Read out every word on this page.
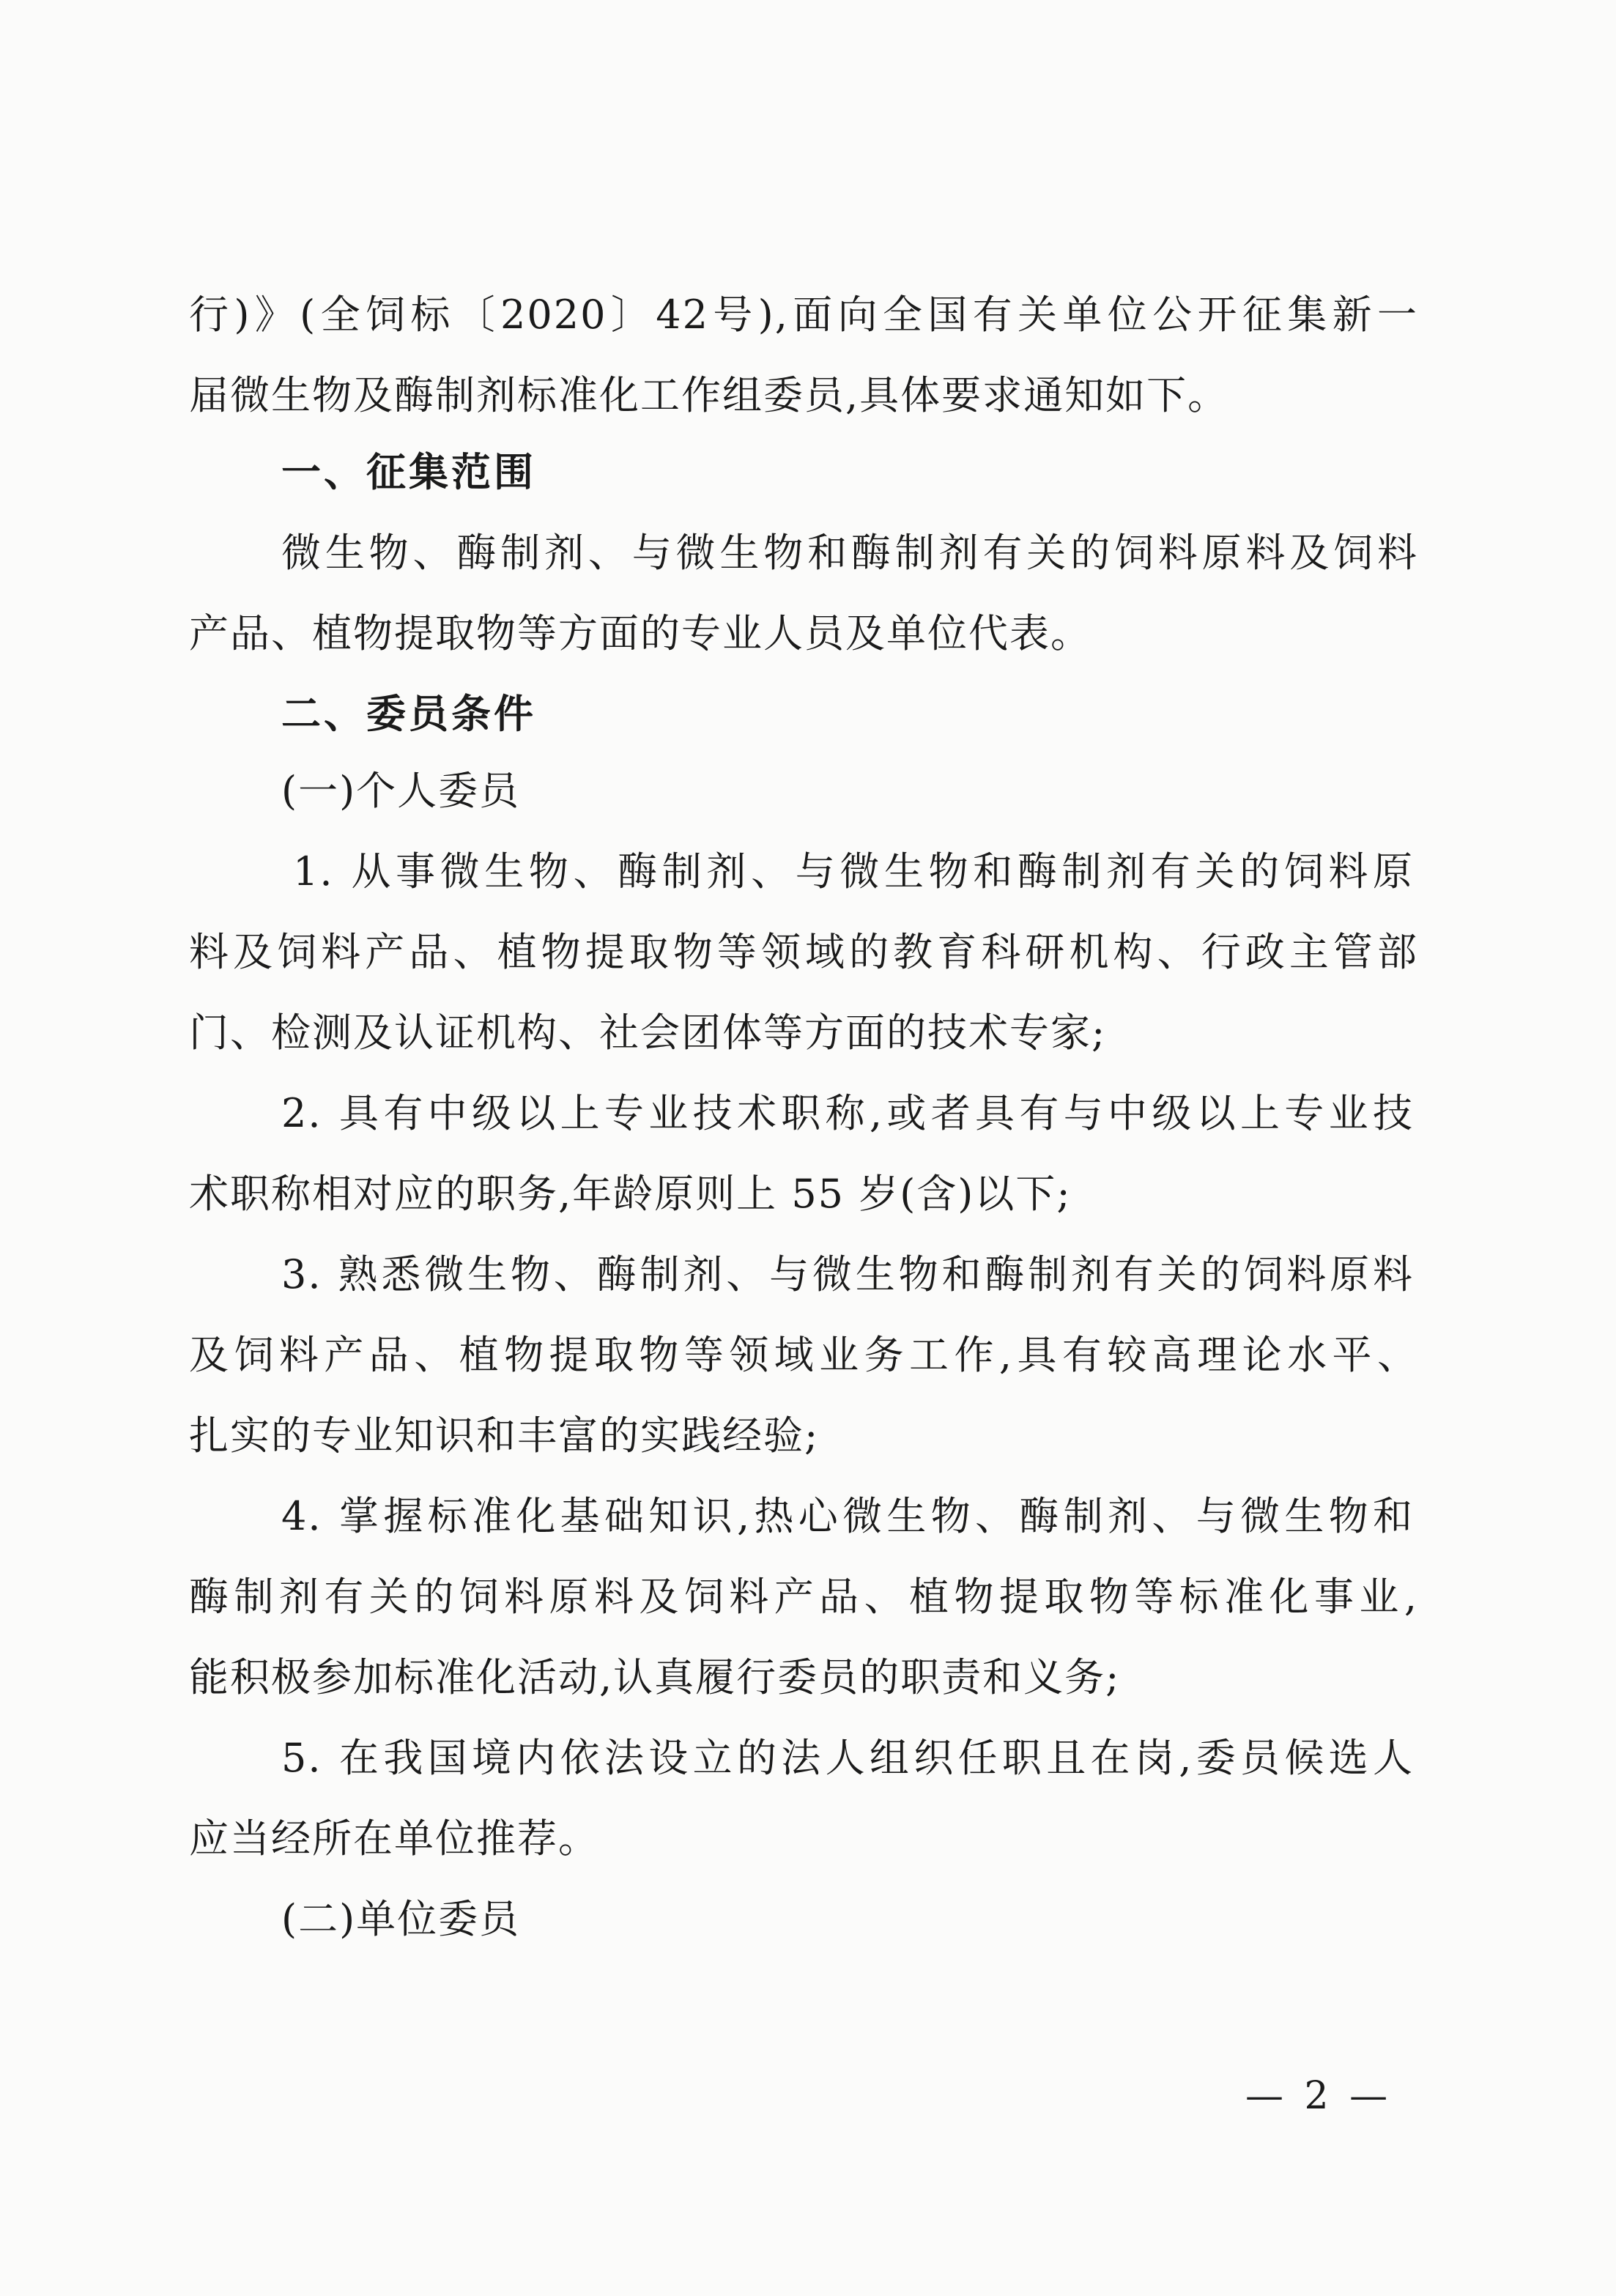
行)》(全饲标〔2020〕42号),面向全国有关单位公开征集新一
届微生物及酶制剂标准化工作组委员,具体要求通知如下。
一、征集范围
微生物、酶制剂、与微生物和酶制剂有关的饲料原料及饲料
产品、植物提取物等方面的专业人员及单位代表。
二、委员条件
(一)个人委员
1. 从事微生物、酶制剂、与微生物和酶制剂有关的饲料原
料及饲料产品、植物提取物等领域的教育科研机构、行政主管部
门、检测及认证机构、社会团体等方面的技术专家;
2. 具有中级以上专业技术职称,或者具有与中级以上专业技
术职称相对应的职务,年龄原则上 55 岁(含)以下;
3. 熟悉微生物、酶制剂、与微生物和酶制剂有关的饲料原料
及饲料产品、植物提取物等领域业务工作,具有较高理论水平、
扎实的专业知识和丰富的实践经验;
4. 掌握标准化基础知识,热心微生物、酶制剂、与微生物和
酶制剂有关的饲料原料及饲料产品、植物提取物等标准化事业,
能积极参加标准化活动,认真履行委员的职责和义务;
5. 在我国境内依法设立的法人组织任职且在岗,委员候选人
应当经所在单位推荐。
(二)单位委员
— 2 —
